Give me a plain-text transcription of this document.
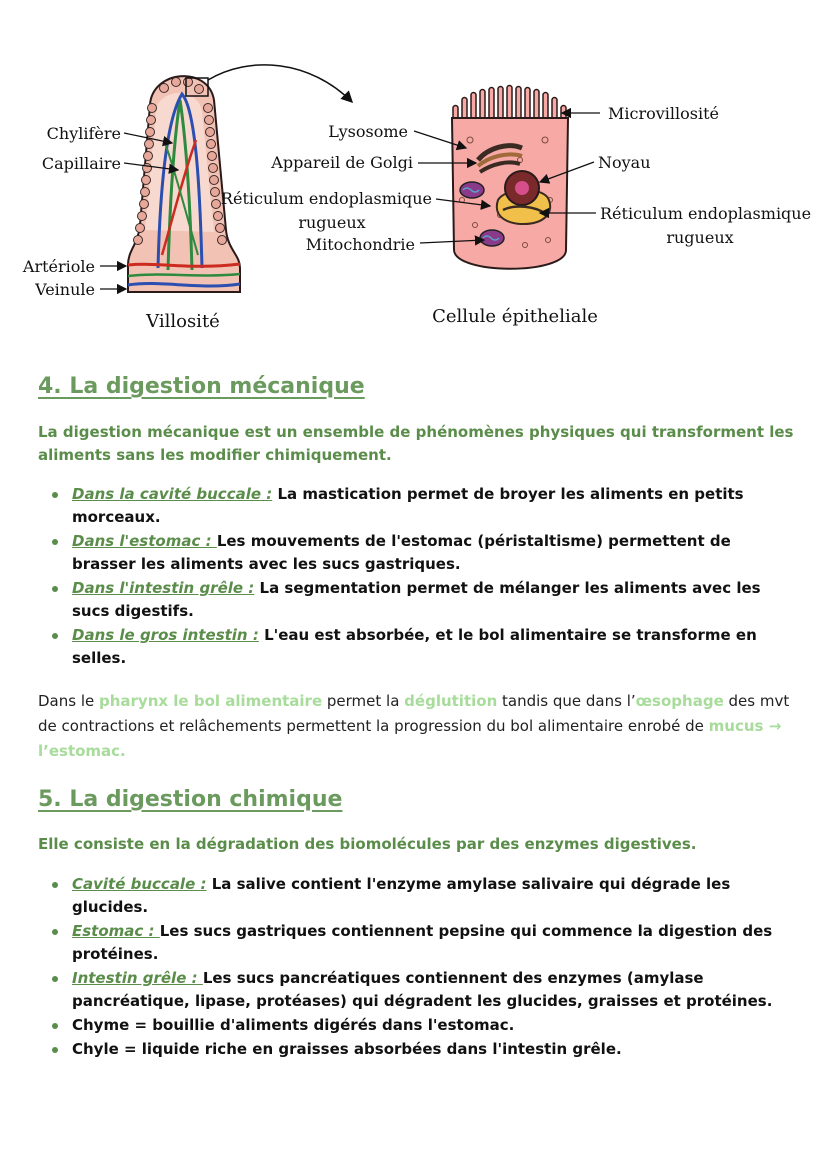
Chylifère
Capillaire
Artériole
Veinule
Villosité
Lysosome
Appareil de Golgi
Réticulum endoplasmique
rugueux
Mitochondrie
Microvillosité
Noyau
Réticulum endoplasmique
rugueux
Cellule épitheliale
4. La digestion mécanique

La digestion mécanique est un ensemble de phénomènes physiques qui transforment les aliments sans les modifier chimiquement.

Dans la cavité buccale : La mastication permet de broyer les aliments en petits morceaux.
Dans l'estomac : Les mouvements de l'estomac (péristaltisme) permettent de brasser les aliments avec les sucs gastriques.
Dans l'intestin grêle : La segmentation permet de mélanger les aliments avec les sucs digestifs.
Dans le gros intestin : L'eau est absorbée, et le bol alimentaire se transforme en selles.

Dans le pharynx le bol alimentaire permet la déglutition tandis que dans l’œsophage des mvt de contractions et relâchements permettent la progression du bol alimentaire enrobé de mucus → l’estomac.

5. La digestion chimique

Elle consiste en la dégradation des biomolécules par des enzymes digestives.

Cavité buccale : La salive contient l'enzyme amylase salivaire qui dégrade les glucides.
Estomac : Les sucs gastriques contiennent pepsine qui commence la digestion des protéines.
Intestin grêle : Les sucs pancréatiques contiennent des enzymes (amylase pancréatique, lipase, protéases) qui dégradent les glucides, graisses et protéines.
Chyme = bouillie d'aliments digérés dans l'estomac.
Chyle = liquide riche en graisses absorbées dans l'intestin grêle.
